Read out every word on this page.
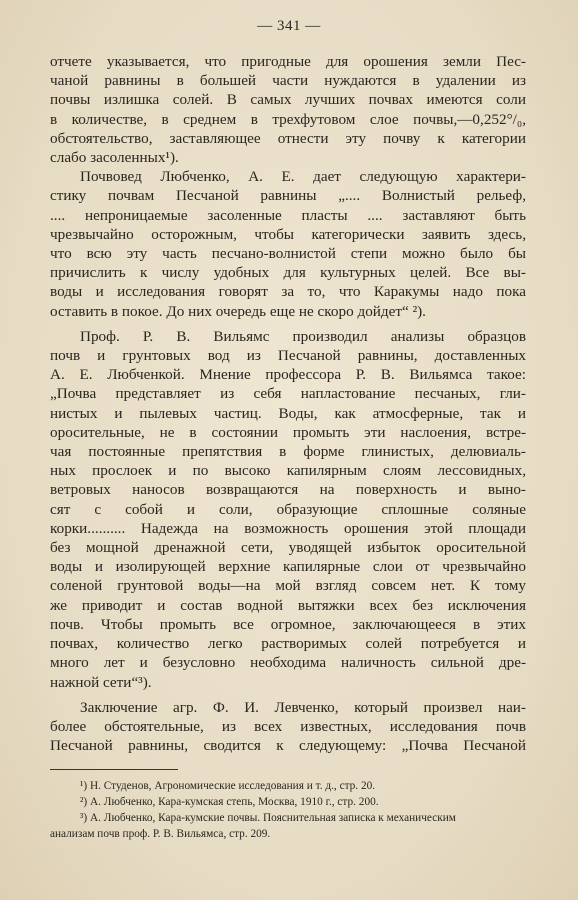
— 341 —

отчете указывается, что пригодные для орошения земли Пес-
чаной равнины в большей части нуждаются в удалении из
почвы излишка солей. В самых лучших почвах имеются соли
в количестве, в среднем в трехфутовом слое почвы,—0,252°/₀,
обстоятельство, заставляющее отнести эту почву к категории
слабо засоленных¹).

Почвовед Любченко, А. Е. дает следующую характери-
стику почвам Песчаной равнины „.... Волнистый рельеф,
.... непроницаемые засоленные пласты .... заставляют быть
чрезвычайно осторожным, чтобы категорически заявить здесь,
что всю эту часть песчано-волнистой степи можно было бы
причислить к числу удобных для культурных целей. Все вы-
воды и исследования говорят за то, что Каракумы надо пока
оставить в покое. До них очередь еще не скоро дойдет“ ²).

Проф. Р. В. Вильямс производил анализы образцов
почв и грунтовых вод из Песчаной равнины, доставленных
А. Е. Любченкой. Мнение профессора Р. В. Вильямса такое:
„Почва представляет из себя напластование песчаных, гли-
нистых и пылевых частиц. Воды, как атмосферные, так и
оросительные, не в состоянии промыть эти наслоения, встре-
чая постоянные препятствия в форме глинистых, делювиаль-
ных прослоек и по высоко капилярным слоям лессовидных,
ветровых наносов возвращаются на поверхность и выно-
сят с собой и соли, образующие сплошные соляные
корки.......... Надежда на возможность орошения этой площади
без мощной дренажной сети, уводящей избыток оросительной
воды и изолирующей верхние капилярные слои от чрезвычайно
соленой грунтовой воды—на мой взгляд совсем нет. К тому
же приводит и состав водной вытяжки всех без исключения
почв. Чтобы промыть все огромное, заключающееся в этих
почвах, количество легко растворимых солей потребуется и
много лет и безусловно необходима наличность сильной дре-
нажной сети“³).

Заключение агр. Ф. И. Левченко, который произвел наи-
более обстоятельные, из всех известных, исследования почв
Песчаной равнины, сводится к следующему: „Почва Песчаной

¹) Н. Студенов, Агрономические исследования и т. д., стр. 20.
²) А. Любченко, Кара-кумская степь, Москва, 1910 г., стр. 200.
³) А. Любченко, Кара-кумские почвы. Пояснительная записка к механическим
анализам почв проф. Р. В. Вильямса, стр. 209.
